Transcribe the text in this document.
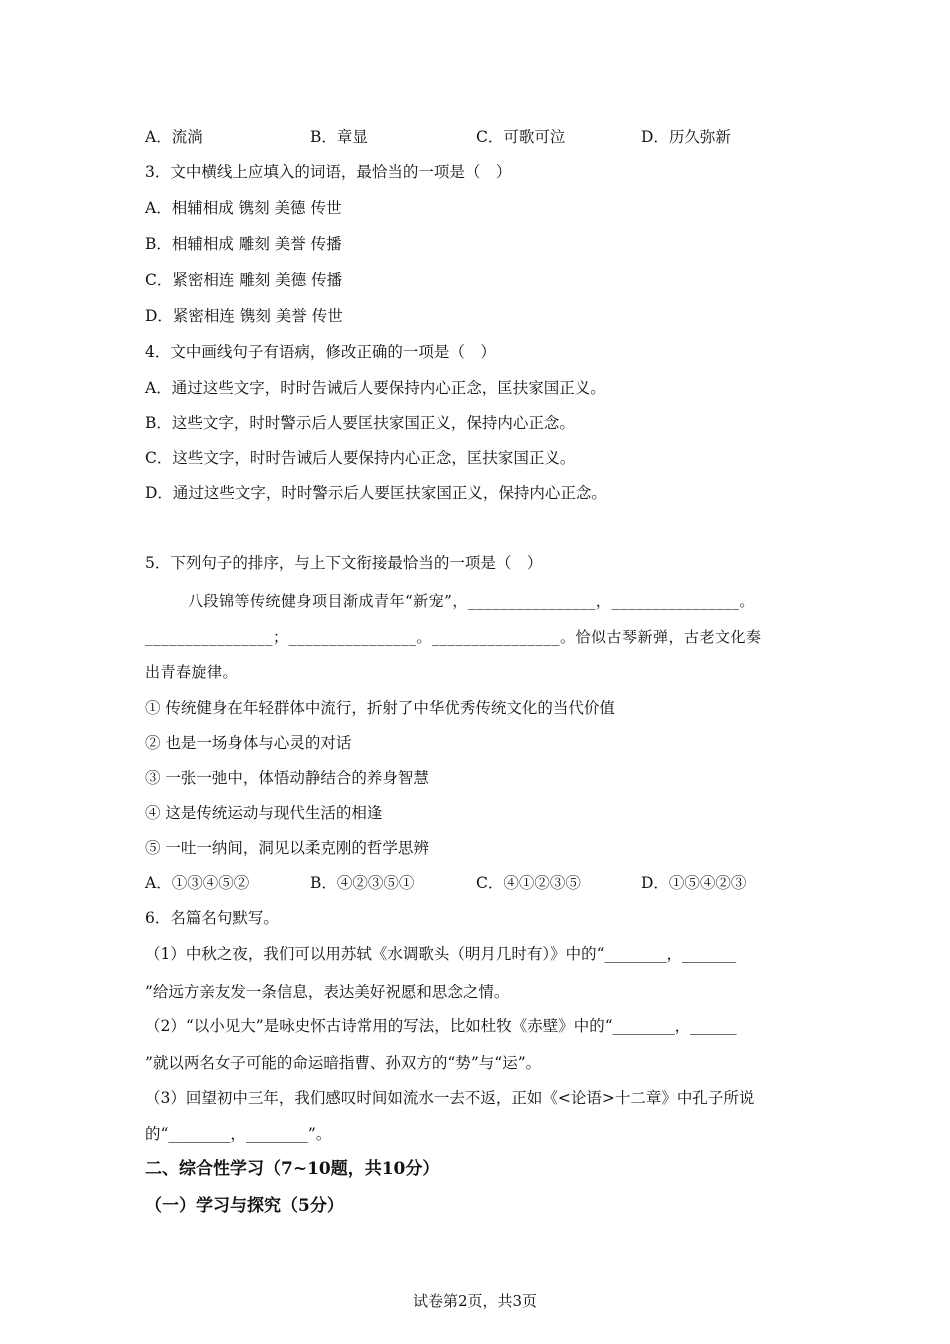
A．流淌	B．章显	C．可歌可泣	D．历久弥新
3．文中横线上应填入的词语，最恰当的一项是（　）
A．相辅相成 镌刻 美德 传世
B．相辅相成 雕刻 美誉 传播
C．紧密相连 雕刻 美德 传播
D．紧密相连 镌刻 美誉 传世
4．文中画线句子有语病，修改正确的一项是（　）
A．通过这些文字，时时告诫后人要保持内心正念，匡扶家国正义。
B．这些文字，时时警示后人要匡扶家国正义，保持内心正念。
C．这些文字，时时告诫后人要保持内心正念，匡扶家国正义。
D．通过这些文字，时时警示后人要匡扶家国正义，保持内心正念。
5．下列句子的排序，与上下文衔接最恰当的一项是（　）
八段锦等传统健身项目渐成青年“新宠”，________________，________________。
________________；________________。________________。恰似古琴新弹，古老文化奏
出青春旋律。
① 传统健身在年轻群体中流行，折射了中华优秀传统文化的当代价值
② 也是一场身体与心灵的对话
③ 一张一弛中，体悟动静结合的养身智慧
④ 这是传统运动与现代生活的相逢
⑤ 一吐一纳间，洞见以柔克刚的哲学思辨
A．①③④⑤②	B．④②③⑤①	C．④①②③⑤	D．①⑤④②③
6．名篇名句默写。
（1）中秋之夜，我们可以用苏轼《水调歌头（明月几时有）》中的“________，_______
”给远方亲友发一条信息，表达美好祝愿和思念之情。
（2）“以小见大”是咏史怀古诗常用的写法，比如杜牧《赤壁》中的“________，______
”就以两名女子可能的命运暗指曹、孙双方的“势”与“运”。
（3）回望初中三年，我们感叹时间如流水一去不返，正如《<论语>十二章》中孔子所说
的“________，________”。
二、综合性学习（7~10题，共10分）
（一）学习与探究（5分）
试卷第2页，共3页
